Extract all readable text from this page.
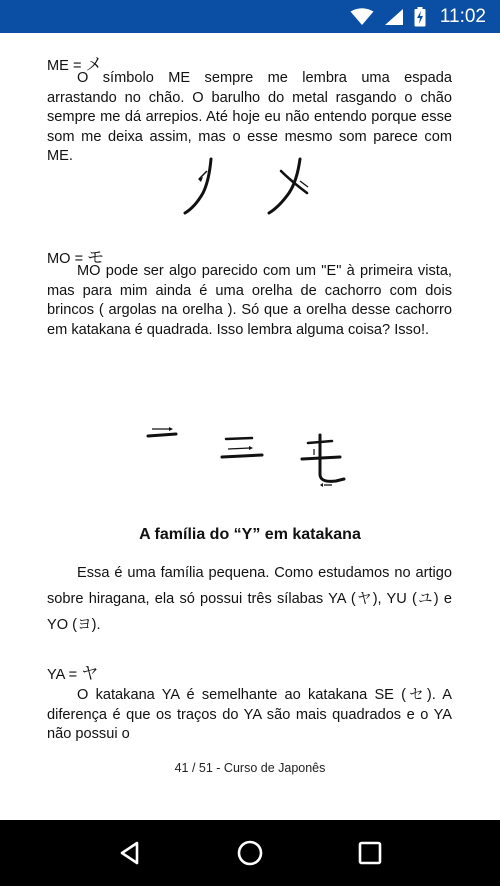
11:02
ME = メ

O símbolo ME sempre me lembra uma espada arrastando no chão. O barulho do metal rasgando o chão sempre me dá arrepios. Até hoje eu não entendo porque esse som me deixa assim, mas o esse mesmo som parece com ME.

MO = モ

MO pode ser algo parecido com um "E" à primeira vista, mas para mim ainda é uma orelha de cachorro com dois brincos ( argolas na orelha ). Só que a orelha desse cachorro em katakana é quadrada. Isso lembra alguma coisa? Isso!.

A família do “Y” em katakana

Essa é uma família pequena. Como estudamos no artigo sobre hiragana, ela só possui três sílabas YA (ヤ), YU (ユ) e YO (ヨ).

YA = ヤ

O katakana YA é semelhante ao katakana SE (セ). A diferença é que os traços do YA são mais quadrados e o YA não possui o

41 / 51 - Curso de Japonês
